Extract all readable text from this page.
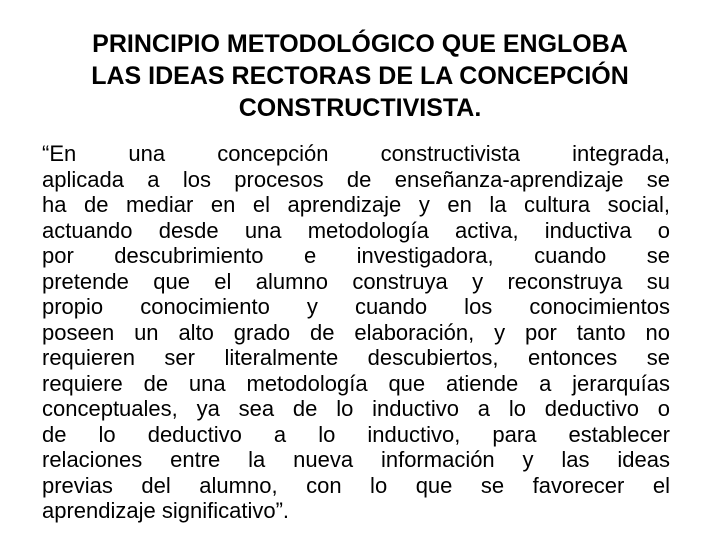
PRINCIPIO METODOLÓGICO QUE ENGLOBA
LAS IDEAS RECTORAS DE LA CONCEPCIÓN
CONSTRUCTIVISTA.
“En una concepción constructivista integrada,
aplicada a los procesos de enseñanza-aprendizaje se
ha de mediar en el aprendizaje y en la cultura social,
actuando desde una metodología activa, inductiva o
por descubrimiento e investigadora, cuando se
pretende que el alumno construya y reconstruya su
propio conocimiento y cuando los conocimientos
poseen un alto grado de elaboración, y por tanto no
requieren ser literalmente descubiertos, entonces se
requiere de una metodología que atiende a jerarquías
conceptuales, ya sea de lo inductivo a lo deductivo o
de lo deductivo a lo inductivo, para establecer
relaciones entre la nueva información y las ideas
previas del alumno, con lo que se favorecer el
aprendizaje significativo”.
